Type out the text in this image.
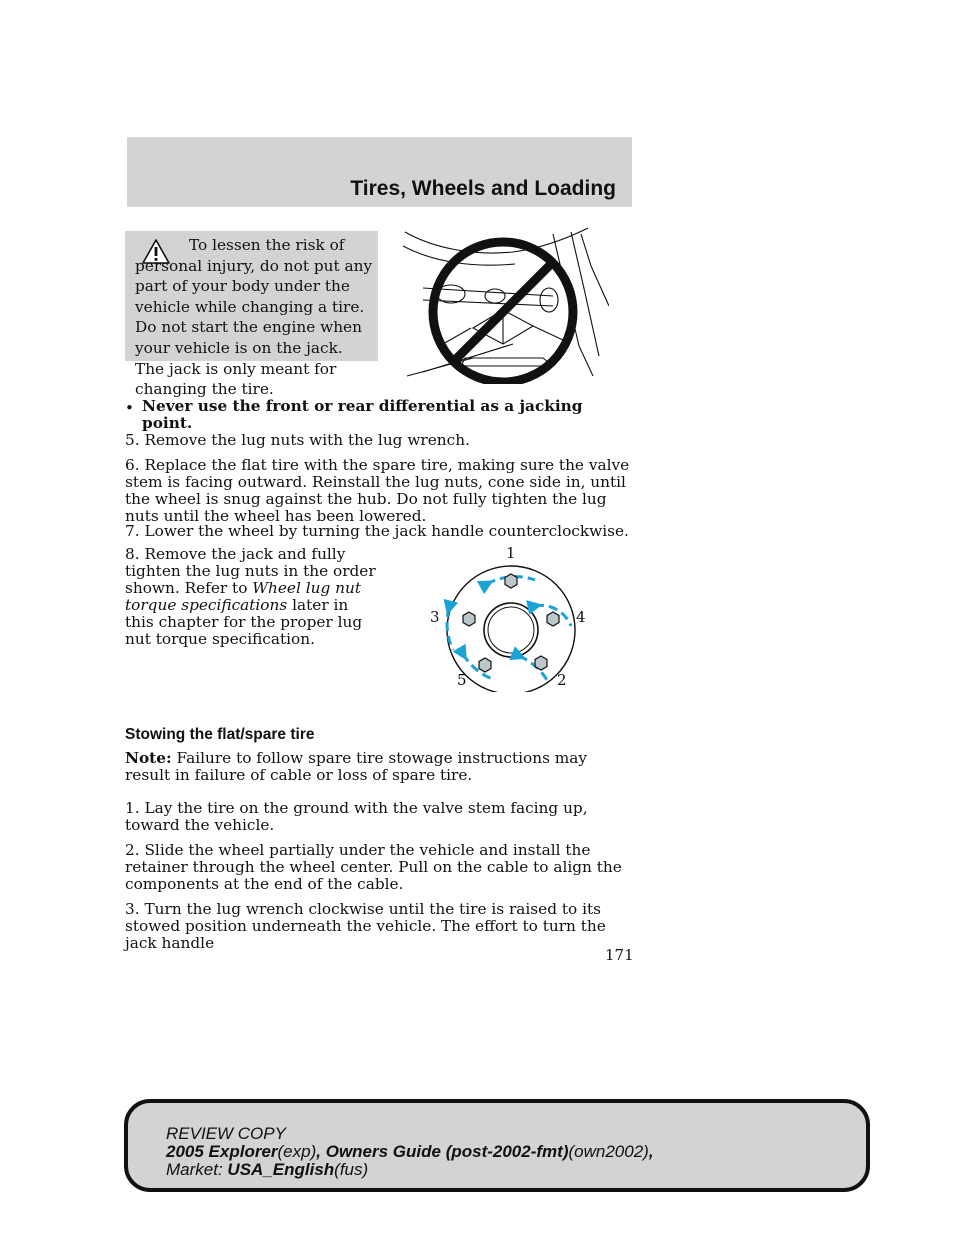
Tires, Wheels and Loading

To lessen the risk of personal injury, do not put any part of your body under the vehicle while changing a tire. Do not start the engine when your vehicle is on the jack. The jack is only meant for changing the tire.

• Never use the front or rear differential as a jacking point.

5. Remove the lug nuts with the lug wrench.

6. Replace the flat tire with the spare tire, making sure the valve stem is facing outward. Reinstall the lug nuts, cone side in, until the wheel is snug against the hub. Do not fully tighten the lug nuts until the wheel has been lowered.

7. Lower the wheel by turning the jack handle counterclockwise.

8. Remove the jack and fully tighten the lug nuts in the order shown. Refer to Wheel lug nut torque specifications later in this chapter for the proper lug nut torque specification.

1
2
3	4
5

Stowing the flat/spare tire

Note: Failure to follow spare tire stowage instructions may result in failure of cable or loss of spare tire.

1. Lay the tire on the ground with the valve stem facing up, toward the vehicle.

2. Slide the wheel partially under the vehicle and install the retainer through the wheel center. Pull on the cable to align the components at the end of the cable.

3. Turn the lug wrench clockwise until the tire is raised to its stowed position underneath the vehicle. The effort to turn the jack handle

171
REVIEW COPY
2005 Explorer(exp), Owners Guide (post-2002-fmt)(own2002),
Market: USA_English(fus)
